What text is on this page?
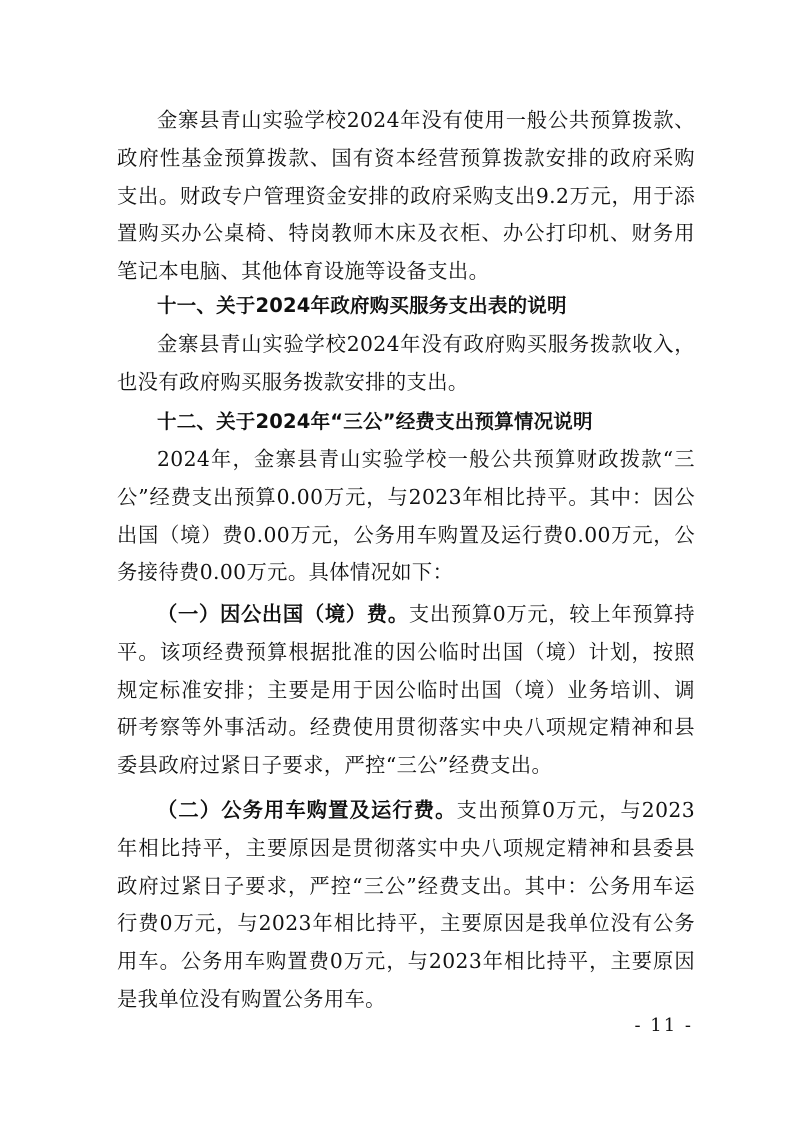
金寨县青山实验学校2024年没有使用一般公共预算拨款、政府性基金预算拨款、国有资本经营预算拨款安排的政府采购支出。财政专户管理资金安排的政府采购支出9.2万元，用于添置购买办公桌椅、特岗教师木床及衣柜、办公打印机、财务用笔记本电脑、其他体育设施等设备支出。

十一、关于2024年政府购买服务支出表的说明

金寨县青山实验学校2024年没有政府购买服务拨款收入，也没有政府购买服务拨款安排的支出。

十二、关于2024年“三公”经费支出预算情况说明

2024年，金寨县青山实验学校一般公共预算财政拨款“三公”经费支出预算0.00万元，与2023年相比持平。其中：因公出国（境）费0.00万元，公务用车购置及运行费0.00万元，公务接待费0.00万元。具体情况如下：

（一）因公出国（境）费。支出预算0万元，较上年预算持平。该项经费预算根据批准的因公临时出国（境）计划，按照规定标准安排；主要是用于因公临时出国（境）业务培训、调研考察等外事活动。经费使用贯彻落实中央八项规定精神和县委县政府过紧日子要求，严控“三公”经费支出。

（二）公务用车购置及运行费。支出预算0万元，与2023年相比持平，主要原因是贯彻落实中央八项规定精神和县委县政府过紧日子要求，严控“三公”经费支出。其中：公务用车运行费0万元，与2023年相比持平，主要原因是我单位没有公务用车。公务用车购置费0万元，与2023年相比持平，主要原因是我单位没有购置公务用车。

- 11 -
